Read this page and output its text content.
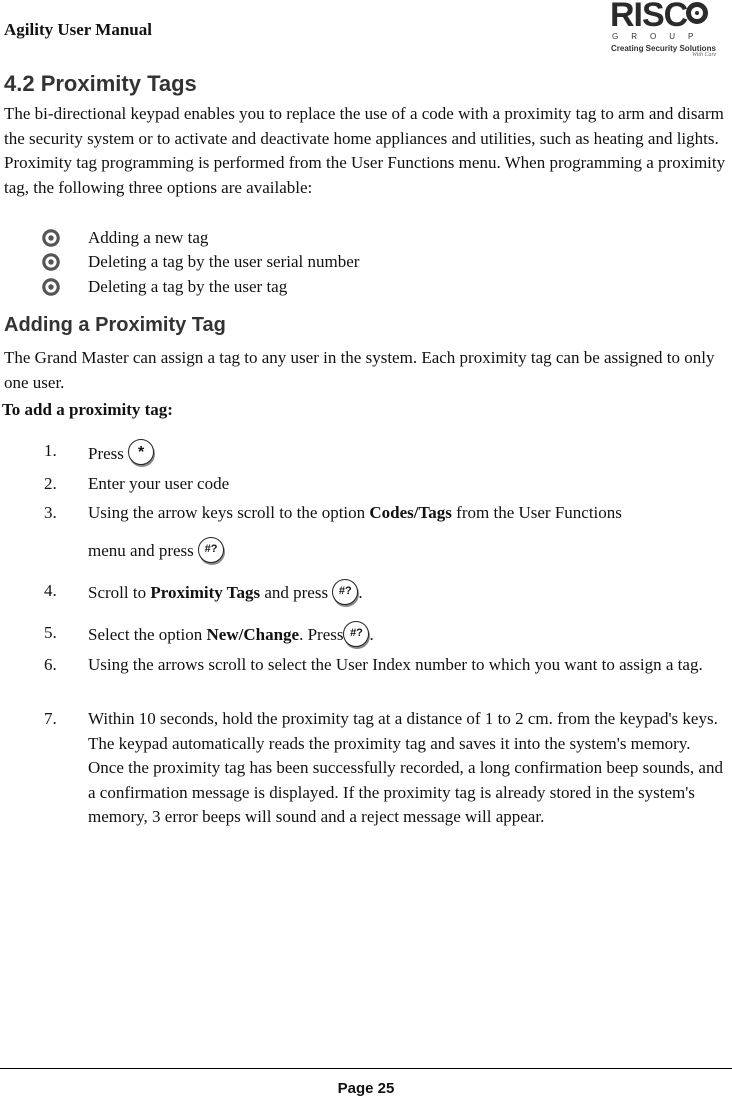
Agility User Manual	RISC
GROUP
Creating Security Solutions
With Care
4.2 Proximity Tags

The bi-directional keypad enables you to replace the use of a code with a proximity tag to arm and disarm the security system or to activate and deactivate home appliances and utilities, such as heating and lights. Proximity tag programming is performed from the User Functions menu. When programming a proximity tag, the following three options are available:

Adding a new tag
Deleting a tag by the user serial number
Deleting a tag by the user tag
Adding a Proximity Tag

The Grand Master can assign a tag to any user in the system. Each proximity tag can be assigned to only one user.

To add a proximity tag:
1.	Press *
2.	Enter your user code
3.	Using the arrow keys scroll to the option Codes/Tags from the User Functions
menu and press #?
4.	Scroll to Proximity Tags and press #? .
5.	Select the option New/Change. Press #? .
6.	Using the arrows scroll to select the User Index number to which you want to assign a tag.
7.	Within 10 seconds, hold the proximity tag at a distance of 1 to 2 cm. from the keypad's keys. The keypad automatically reads the proximity tag and saves it into the system's memory. Once the proximity tag has been successfully recorded, a long confirmation beep sounds, and a confirmation message is displayed. If the proximity tag is already stored in the system's memory, 3 error beeps will sound and a reject message will appear.
Page 25
